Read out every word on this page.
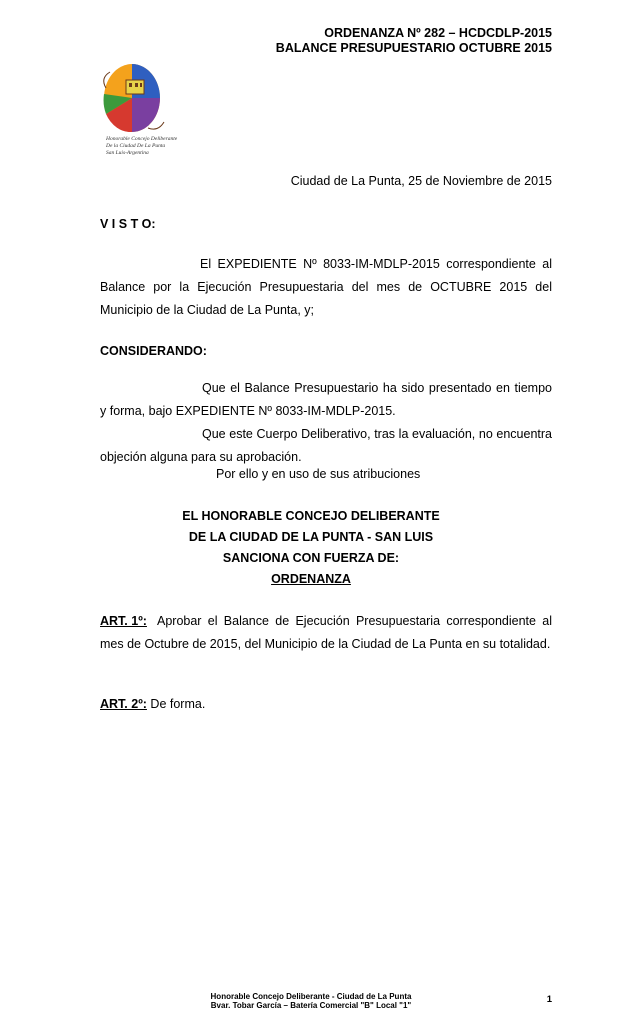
ORDENANZA Nº 282 – HCDCDLP-2015
BALANCE PRESUPUESTARIO OCTUBRE 2015
Honorable Concejo Deliberante
De la Ciudad De La Punta
San Luis-Argentina
Ciudad de La Punta, 25 de Noviembre de 2015
V I S T O:
El EXPEDIENTE Nº 8033-IM-MDLP-2015 correspondiente al Balance por la Ejecución Presupuestaria del mes de OCTUBRE 2015 del Municipio de la Ciudad de La Punta, y;
CONSIDERANDO:
Que el Balance Presupuestario ha sido presentado en tiempo y forma, bajo EXPEDIENTE Nº 8033-IM-MDLP-2015.
Que este Cuerpo Deliberativo, tras la evaluación, no encuentra objeción alguna para su aprobación.
Por ello y en uso de sus atribuciones
EL HONORABLE CONCEJO DELIBERANTE
DE LA CIUDAD DE LA PUNTA - SAN LUIS
SANCIONA CON FUERZA DE:
ORDENANZA
ART. 1º: Aprobar el Balance de Ejecución Presupuestaria correspondiente al mes de Octubre de 2015, del Municipio de la Ciudad de La Punta en su totalidad.
ART. 2º: De forma.
Honorable Concejo Deliberante - Ciudad de La Punta
Bvar. Tobar García – Batería Comercial "B" Local "1"
1
